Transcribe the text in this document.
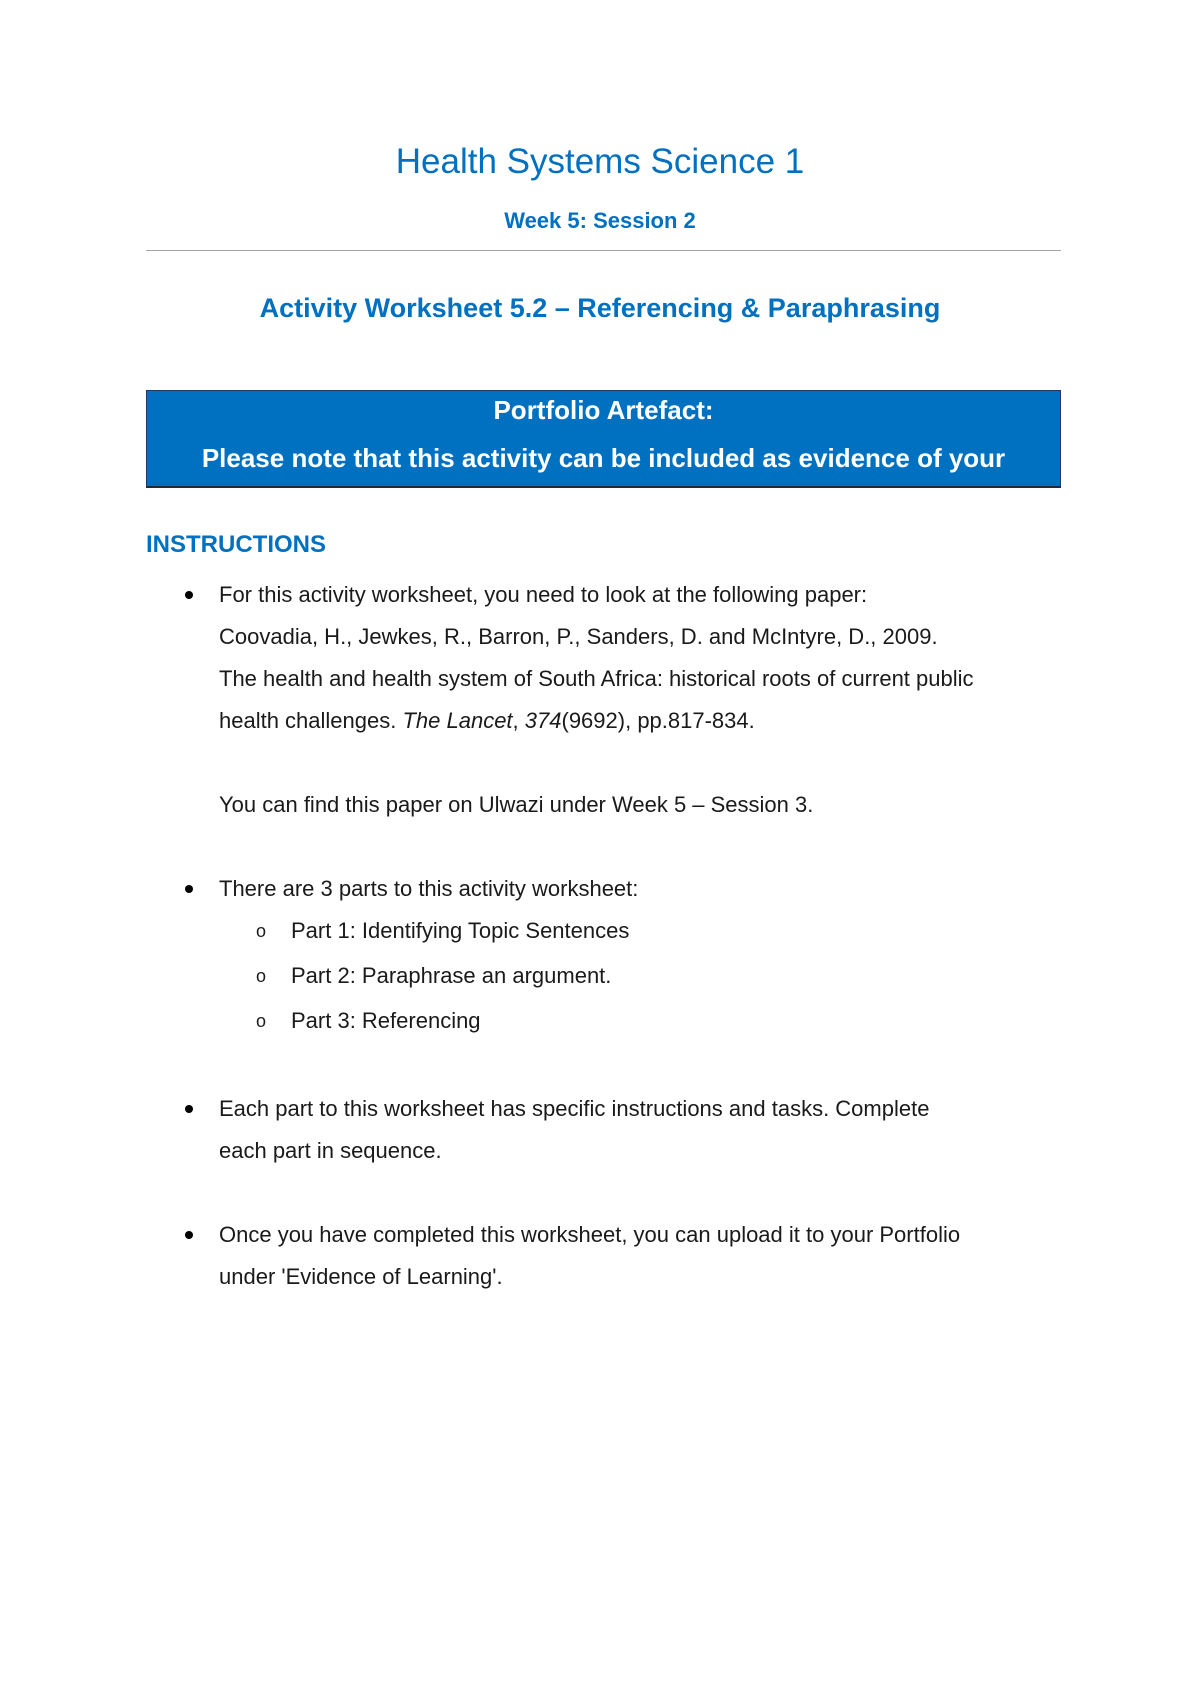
Health Systems Science 1
Week 5: Session 2
Activity Worksheet 5.2 – Referencing & Paraphrasing
Portfolio Artefact:
Please note that this activity can be included as evidence of your
INSTRUCTIONS
For this activity worksheet, you need to look at the following paper:
Coovadia, H., Jewkes, R., Barron, P., Sanders, D. and McIntyre, D., 2009.
The health and health system of South Africa: historical roots of current public
health challenges. The Lancet, 374(9692), pp.817-834.
You can find this paper on Ulwazi under Week 5 – Session 3.
There are 3 parts to this activity worksheet:
o Part 1: Identifying Topic Sentences
o Part 2: Paraphrase an argument.
o Part 3: Referencing
Each part to this worksheet has specific instructions and tasks. Complete
each part in sequence.
Once you have completed this worksheet, you can upload it to your Portfolio
under 'Evidence of Learning'.
